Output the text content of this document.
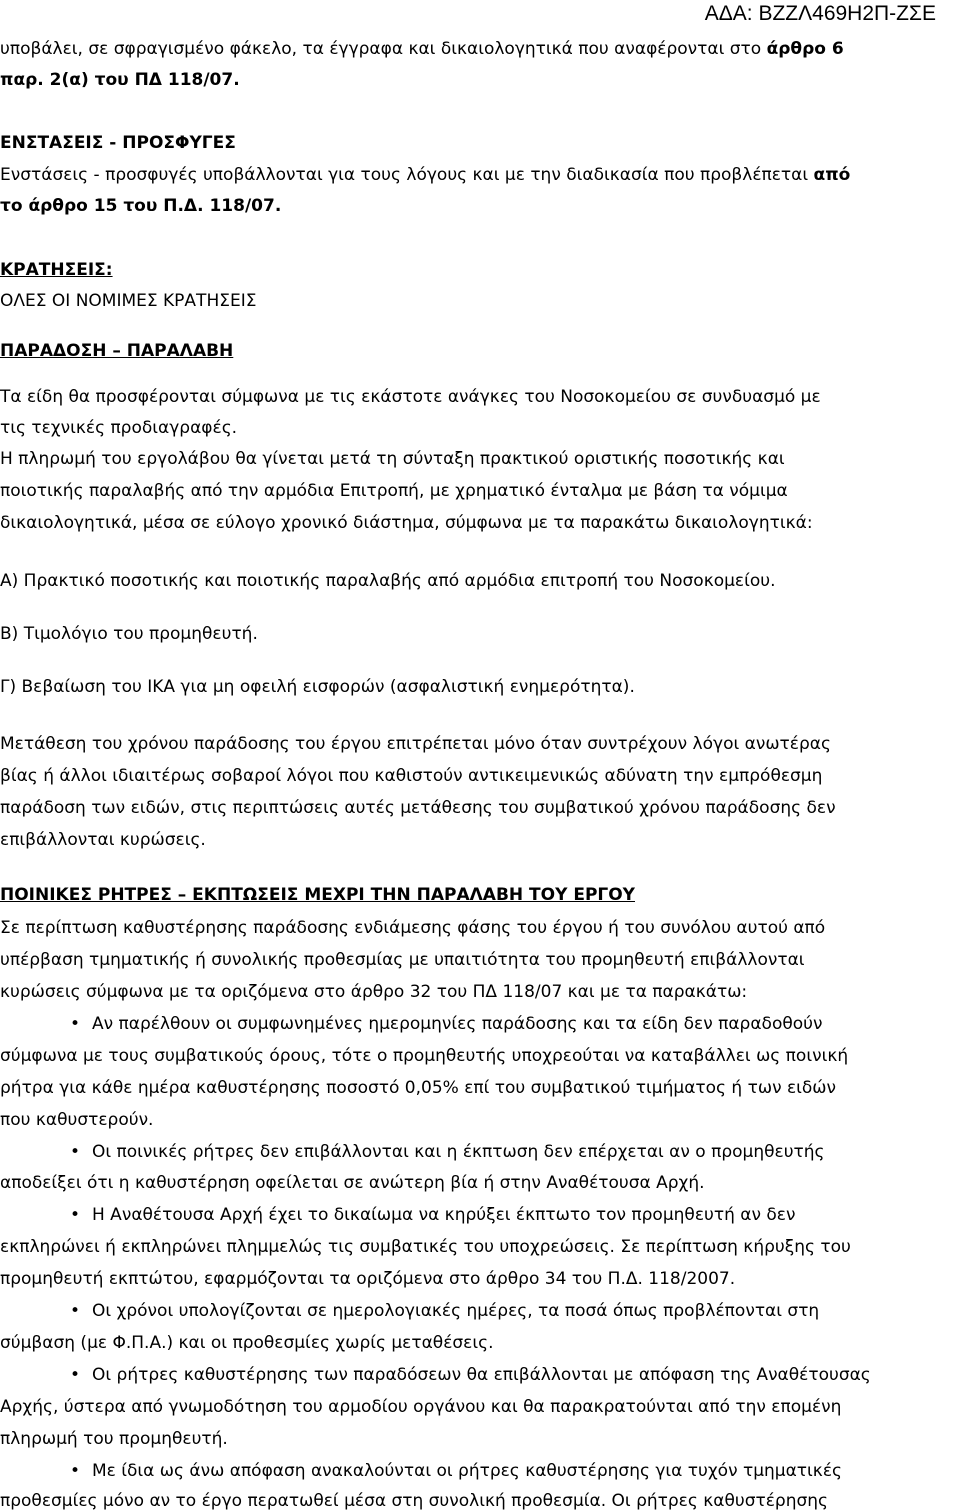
ΑΔΑ: ΒΖΖΛ469Η2Π-ΖΣΕ
υποβάλει, σε σφραγισμένο φάκελο, τα έγγραφα και δικαιολογητικά που αναφέρονται στο άρθρο 6
παρ. 2(α) του ΠΔ 118/07.
ΕΝΣΤΑΣΕΙΣ - ΠΡΟΣΦΥΓΕΣ
Ενστάσεις - προσφυγές υποβάλλονται για τους λόγους και με την διαδικασία που προβλέπεται από
το άρθρο 15 του Π.Δ. 118/07.
ΚΡΑΤΗΣΕΙΣ:
ΟΛΕΣ ΟΙ ΝΟΜΙΜΕΣ ΚΡΑΤΗΣΕΙΣ
ΠΑΡΑΔΟΣΗ – ΠΑΡΑΛΑΒΗ
Τα είδη θα προσφέρονται σύμφωνα με τις εκάστοτε ανάγκες του Νοσοκομείου σε συνδυασμό με
τις τεχνικές προδιαγραφές.
Η πληρωμή του εργολάβου θα γίνεται μετά τη σύνταξη πρακτικού οριστικής ποσοτικής και
ποιοτικής παραλαβής από την αρμόδια Επιτροπή, με χρηματικό ένταλμα με βάση τα νόμιμα
δικαιολογητικά, μέσα σε εύλογο χρονικό διάστημα, σύμφωνα με τα παρακάτω δικαιολογητικά:
Α) Πρακτικό ποσοτικής και ποιοτικής παραλαβής από αρμόδια επιτροπή του Νοσοκομείου.
Β) Τιμολόγιο του προμηθευτή.
Γ) Βεβαίωση του ΙΚΑ για μη οφειλή εισφορών (ασφαλιστική ενημερότητα).
Μετάθεση του χρόνου παράδοσης του έργου επιτρέπεται μόνο όταν συντρέχουν λόγοι ανωτέρας
βίας ή άλλοι ιδιαιτέρως σοβαροί λόγοι που καθιστούν αντικειμενικώς αδύνατη την εμπρόθεσμη
παράδοση των ειδών, στις περιπτώσεις αυτές μετάθεσης του συμβατικού χρόνου παράδοσης δεν
επιβάλλονται κυρώσεις.
ΠΟΙΝΙΚΕΣ ΡΗΤΡΕΣ – ΕΚΠΤΩΣΕΙΣ ΜΕΧΡΙ ΤΗΝ ΠΑΡΑΛΑΒΗ ΤΟΥ ΕΡΓΟΥ
Σε περίπτωση καθυστέρησης παράδοσης ενδιάμεσης φάσης του έργου ή του συνόλου αυτού από
υπέρβαση τμηματικής ή συνολικής προθεσμίας με υπαιτιότητα του προμηθευτή επιβάλλονται
κυρώσεις σύμφωνα με τα οριζόμενα στο άρθρο 32 του ΠΔ 118/07 και με τα παρακάτω:
• Αν παρέλθουν οι συμφωνημένες ημερομηνίες παράδοσης και τα είδη δεν παραδοθούν
σύμφωνα με τους συμβατικούς όρους, τότε ο προμηθευτής υποχρεούται να καταβάλλει ως ποινική
ρήτρα για κάθε ημέρα καθυστέρησης ποσοστό 0,05% επί του συμβατικού τιμήματος ή των ειδών
που καθυστερούν.
• Οι ποινικές ρήτρες δεν επιβάλλονται και η έκπτωση δεν επέρχεται αν ο προμηθευτής
αποδείξει ότι η καθυστέρηση οφείλεται σε ανώτερη βία ή στην Αναθέτουσα Αρχή.
• Η Αναθέτουσα Αρχή έχει το δικαίωμα να κηρύξει έκπτωτο τον προμηθευτή αν δεν
εκπληρώνει ή εκπληρώνει πλημμελώς τις συμβατικές του υποχρεώσεις. Σε περίπτωση κήρυξης του
προμηθευτή εκπτώτου, εφαρμόζονται τα οριζόμενα στο άρθρο 34 του Π.Δ. 118/2007.
• Οι χρόνοι υπολογίζονται σε ημερολογιακές ημέρες, τα ποσά όπως προβλέπονται στη
σύμβαση (με Φ.Π.Α.) και οι προθεσμίες χωρίς μεταθέσεις.
• Οι ρήτρες καθυστέρησης των παραδόσεων θα επιβάλλονται με απόφαση της Αναθέτουσας
Αρχής, ύστερα από γνωμοδότηση του αρμοδίου οργάνου και θα παρακρατούνται από την επομένη
πληρωμή του προμηθευτή.
• Με ίδια ως άνω απόφαση ανακαλούνται οι ρήτρες καθυστέρησης για τυχόν τμηματικές
προθεσμίες μόνο αν το έργο περατωθεί μέσα στη συνολική προθεσμία. Οι ρήτρες καθυστέρησης
